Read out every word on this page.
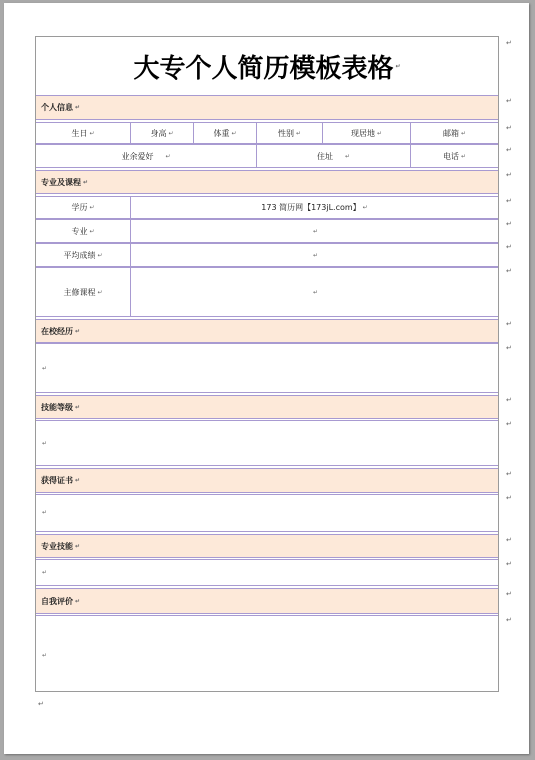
大专个人简历模板表格 ↵
个人信息 ↵
生日 ↵	身高 ↵	体重 ↵	性别 ↵	现居地 ↵	邮箱 ↵
业余爱好 ↵	住址 ↵	电话 ↵
专业及课程 ↵
学历 ↵	173 简历网【173jL.com】 ↵
专业 ↵	↵
平均成绩 ↵	↵
主修课程 ↵	↵
在校经历 ↵
↵
技能等级 ↵
↵
获得证书 ↵
↵
专业技能 ↵
↵
自我评价 ↵
↵
↵
↵
↵
↵
↵
↵
↵
↵
↵
↵
↵
↵
↵
↵
↵
↵
↵
↵
↵
↵
